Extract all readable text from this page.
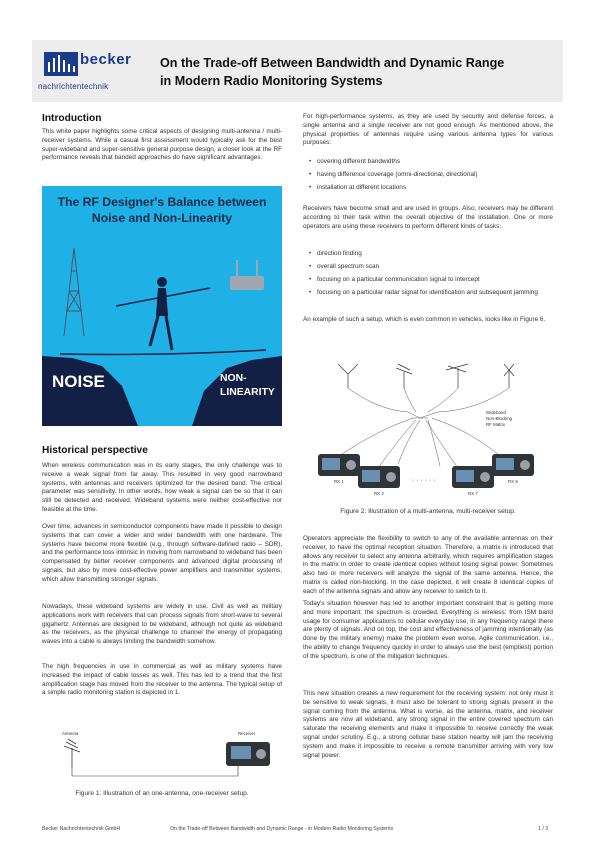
becker
nachrichtentechnik
On the Trade-off Between Bandwidth and Dynamic Range
in Modern Radio Monitoring Systems
Introduction
This white paper highlights some critical aspects of designing multi-antenna / multi-receiver systems. While a casual first assessment would typically ask for the best super-wideband and super-sensitive general purpose design, a closer look at the RF performance reveals that banded approaches do have significant advantages.
The RF Designer's Balance between
Noise and Non-Linearity
NOISE	NON-
LINEARITY
Historical perspective
When wireless communication was in its early stages, the only challenge was to receive a weak signal from far away. This resulted in very good narrowband systems, with antennas and receivers optimized for the desired band. The critical parameter was sensitivity. In other words, how weak a signal can be so that it can still be detected and received. Wideband systems were neither cost-effective nor feasible at the time.
Over time, advances in semiconductor components have made it possible to design systems that can cover a wider and wider bandwidth with one hardware. The systems have become more flexible (e.g., through software-defined radio – SDR), and the performance loss intrinsic in moving from narrowband to wideband has been compensated by better receiver components and advanced digital processing of signals, but also by more cost-effective power amplifiers and transmitter systems, which allow transmitting stronger signals.
Nowadays, these wideband systems are widely in use. Civil as well as military applications work with receivers that can process signals from short-wave to several gigahertz. Antennas are designed to be wideband, although not quite as wideband as the receivers, as the physical challenge to channel the energy of propagating waves into a cable is always limiting the bandwidth somehow.
The high frequencies in use in commercial as well as military systems have increased the impact of cable losses as well. This has led to a trend that the first amplification stage has moved from the receiver to the antenna. The typical setup of a simple radio monitoring station is depicted in 1.
Antenna	Receiver
Figure 1: Illustration of an one-antenna, one-receiver setup.
For high-performance systems, as they are used by security and defense forces, a single antenna and a single receiver are not good enough. As mentioned above, the physical properties of antennas require using various antenna types for various purposes:
• covering different bandwidths
• having difference coverage (omni-directional, directional)
• installation at different locations
Receivers have become small and are used in groups. Also, receivers may be different according to their task within the overall objective of the installation. One or more operators are using these receivers to perform different kinds of tasks:
• direction finding
• overall spectrum scan
• focusing on a particular communication signal to intercept
• focusing on a particular radar signal for identification and subsequent jamming
An example of such a setup, which is even common in vehicles, looks like in Figure 6.
Wideband
Non-Blocking
RF Matrix
RX 1
RX 2	RX 7
RX 8
· · · · · ·
Figure 2: Illustration of a multi-antenna, multi-receiver setup.
Operators appreciate the flexibility to switch to any of the available antennas on their receiver, to have the optimal reception situation. Therefore, a matrix is introduced that allows any receiver to select any antenna arbitrarily, which requires amplification stages in the matrix in order to create identical copies without losing signal power. Sometimes also two or more receivers will analyze the signal of the same antenna. Hence, the matrix is called non-blocking. In the case depicted, it will create 8 identical copies of each of the antenna signals and allow any receiver to switch to it.
Today's situation however has led to another important constraint that is getting more and more important: the spectrum is crowded. Everything is wireless: from ISM band usage for consumer applications to cellular everyday use, in any frequency range there are plenty of signals. And on top, the cost and effectiveness of jamming intentionally (as done by the military enemy) make the problem even worse. Agile communication, i.e., the ability to change frequency quickly in order to always use the best (emptiest) portion of the spectrum, is one of the mitigation techniques.
This new situation creates a new requirement for the receiving system: not only must it be sensitive to weak signals, it must also be tolerant to strong signals present in the signal coming from the antenna. What is worse, as the antenna, matrix, and receiver systems are now all wideband, any strong signal in the entire covered spectrum can saturate the receiving elements and make it impossible to receive correctly the weak signal under scrutiny. E.g., a strong cellular base station nearby will jam the receiving system and make it impossible to receive a remote transmitter arriving with very low signal power.
Becker Nachrichtentechnik GmbH	On the Trade-off Between Bandwidth and Dynamic Range - in Modern Radio Monitoring Systems	1 / 3
